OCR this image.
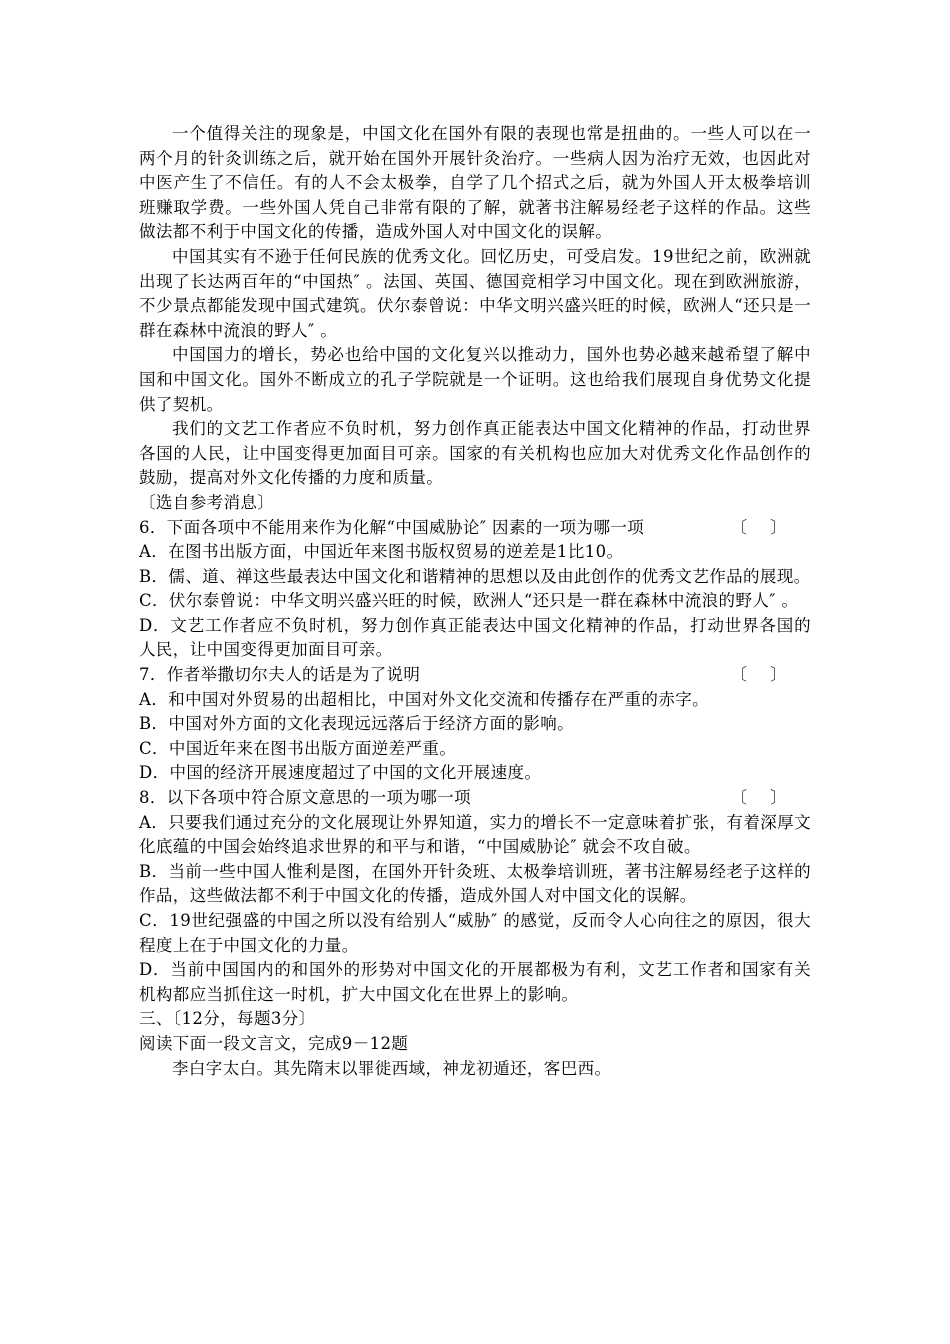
一个值得关注的现象是，中国文化在国外有限的表现也常是扭曲的。一些人可以在一两个月的针灸训练之后，就开始在国外开展针灸治疗。一些病人因为治疗无效，也因此对中医产生了不信任。有的人不会太极拳，自学了几个招式之后，就为外国人开太极拳培训班赚取学费。一些外国人凭自己非常有限的了解，就著书注解易经老子这样的作品。这些做法都不利于中国文化的传播，造成外国人对中国文化的误解。

中国其实有不逊于任何民族的优秀文化。回忆历史，可受启发。19世纪之前，欧洲就出现了长达两百年的“中国热″ 。法国、英国、德国竞相学习中国文化。现在到欧洲旅游，不少景点都能发现中国式建筑。伏尔泰曾说：中华文明兴盛兴旺的时候，欧洲人“还只是一群在森林中流浪的野人″ 。

中国国力的增长，势必也给中国的文化复兴以推动力，国外也势必越来越希望了解中国和中国文化。国外不断成立的孔子学院就是一个证明。这也给我们展现自身优势文化提供了契机。

我们的文艺工作者应不负时机，努力创作真正能表达中国文化精神的作品，打动世界各国的人民，让中国变得更加面目可亲。国家的有关机构也应加大对优秀文化作品创作的鼓励，提高对外文化传播的力度和质量。

〔选自参考消息〕

6．下面各项中不能用来作为化解“中国威胁论″ 因素的一项为哪一项	〔    〕

A．在图书出版方面，中国近年来图书版权贸易的逆差是1比10。

B．儒、道、禅这些最表达中国文化和谐精神的思想以及由此创作的优秀文艺作品的展现。

C．伏尔泰曾说：中华文明兴盛兴旺的时候，欧洲人“还只是一群在森林中流浪的野人″ 。

D．文艺工作者应不负时机，努力创作真正能表达中国文化精神的作品，打动世界各国的人民，让中国变得更加面目可亲。

7．作者举撒切尔夫人的话是为了说明	〔    〕

A．和中国对外贸易的出超相比，中国对外文化交流和传播存在严重的赤字。

B．中国对外方面的文化表现远远落后于经济方面的影响。

C．中国近年来在图书出版方面逆差严重。

D．中国的经济开展速度超过了中国的文化开展速度。

8．以下各项中符合原文意思的一项为哪一项	〔    〕

A．只要我们通过充分的文化展现让外界知道，实力的增长不一定意味着扩张，有着深厚文化底蕴的中国会始终追求世界的和平与和谐，“中国威胁论″ 就会不攻自破。

B．当前一些中国人惟利是图，在国外开针灸班、太极拳培训班，著书注解易经老子这样的作品，这些做法都不利于中国文化的传播，造成外国人对中国文化的误解。

C．19世纪强盛的中国之所以没有给别人“威胁″ 的感觉，反而令人心向往之的原因，很大程度上在于中国文化的力量。

D．当前中国国内的和国外的形势对中国文化的开展都极为有利，文艺工作者和国家有关机构都应当抓住这一时机，扩大中国文化在世界上的影响。

三、〔12分，每题3分〕

阅读下面一段文言文，完成9－12题

李白字太白。其先隋末以罪徙西域，神龙初遁还，客巴西。
